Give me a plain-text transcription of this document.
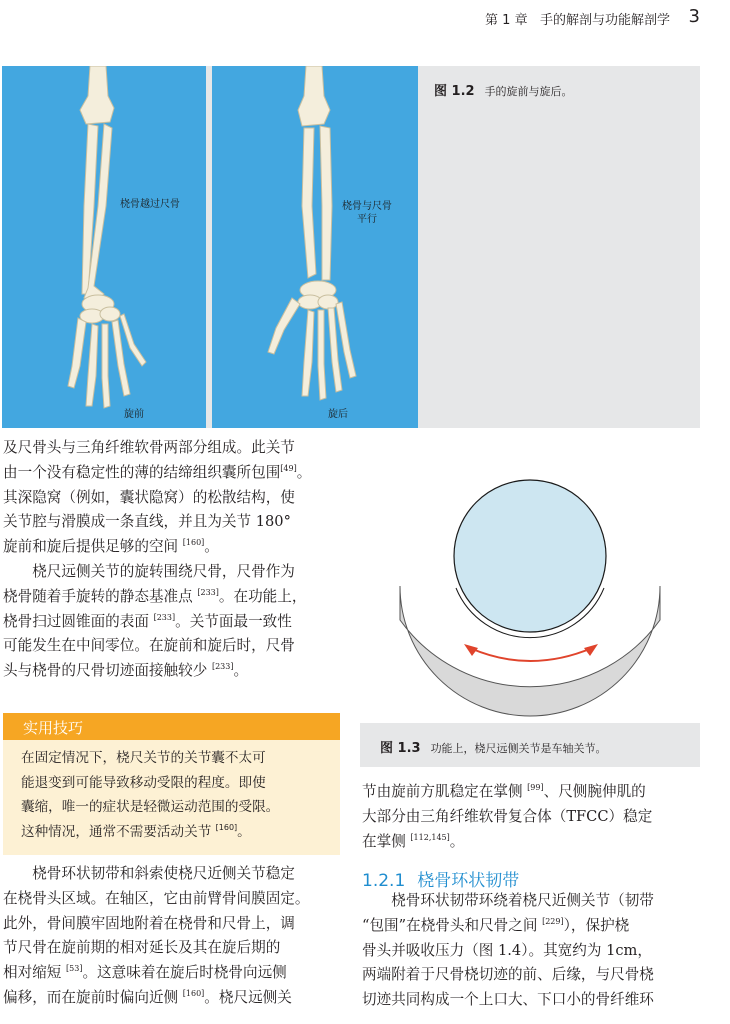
第 1 章 手的解剖与功能解剖学 3
桡骨越过尺骨
旋前
桡骨与尺骨
平行
旋后
图 1.2 手的旋前与旋后。
及尺骨头与三角纤维软骨两部分组成。此关节
由一个没有稳定性的薄的结缔组织囊所包围[49]。
其深隐窝（例如，囊状隐窝）的松散结构，使
关节腔与滑膜成一条直线，并且为关节 180°
旋前和旋后提供足够的空间 [160]。
桡尺远侧关节的旋转围绕尺骨，尺骨作为
桡骨随着手旋转的静态基准点 [233]。在功能上，
桡骨扫过圆锥面的表面 [233]。关节面最一致性
可能发生在中间零位。在旋前和旋后时，尺骨
头与桡骨的尺骨切迹面接触较少 [233]。
实用技巧
在固定情况下，桡尺关节的关节囊不太可
能退变到可能导致移动受限的程度。即使
囊缩，唯一的症状是轻微运动范围的受限。
这种情况，通常不需要活动关节 [160]。
桡骨环状韧带和斜索使桡尺近侧关节稳定
在桡骨头区域。在轴区，它由前臂骨间膜固定。
此外，骨间膜牢固地附着在桡骨和尺骨上，调
节尺骨在旋前期的相对延长及其在旋后期的
相对缩短 [53]。这意味着在旋后时桡骨向远侧
偏移，而在旋前时偏向近侧 [160]。桡尺远侧关
图 1.3 功能上，桡尺远侧关节是车轴关节。
节由旋前方肌稳定在掌侧 [99]、尺侧腕伸肌的
大部分由三角纤维软骨复合体（TFCC）稳定
在掌侧 [112,145]。
1.2.1 桡骨环状韧带
桡骨环状韧带环绕着桡尺近侧关节（韧带
“包围”在桡骨头和尺骨之间 [229]），保护桡
骨头并吸收压力（图 1.4）。其宽约为 1cm，
两端附着于尺骨桡切迹的前、后缘，与尺骨桡
切迹共同构成一个上口大、下口小的骨纤维环
